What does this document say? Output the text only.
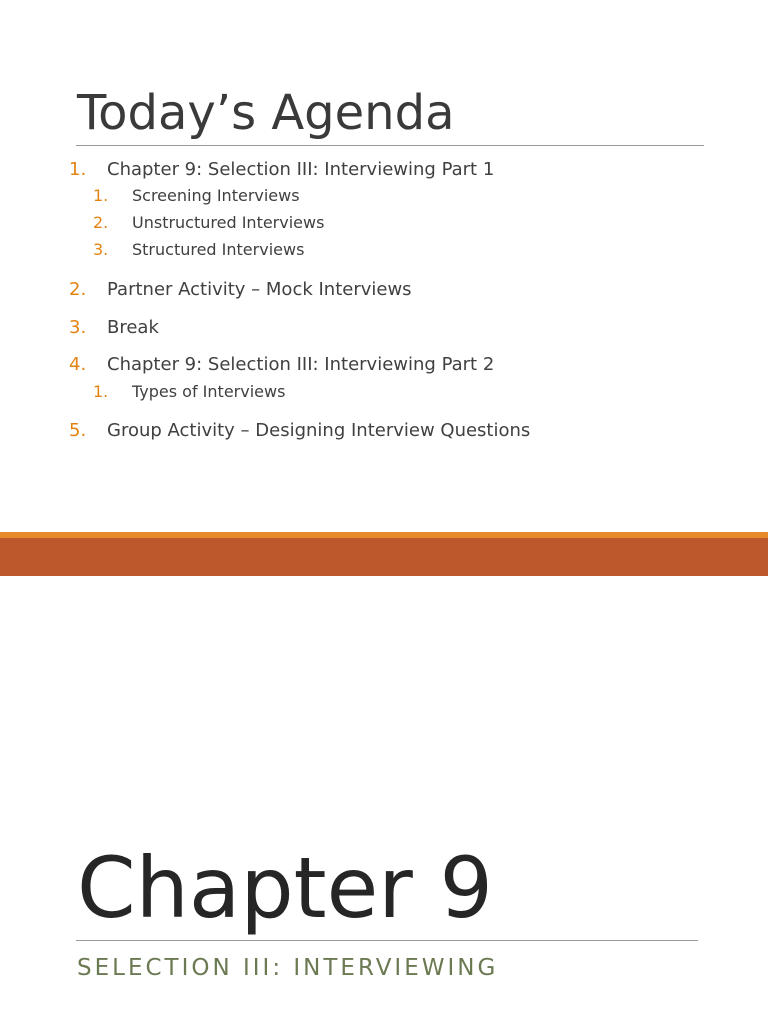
Today’s Agenda
1. Chapter 9: Selection III: Interviewing Part 1
1. Screening Interviews
2. Unstructured Interviews
3. Structured Interviews
2. Partner Activity – Mock Interviews
3. Break
4. Chapter 9: Selection III: Interviewing Part 2
1. Types of Interviews
5. Group Activity – Designing Interview Questions
Chapter 9

SELECTION III: INTERVIEWING
